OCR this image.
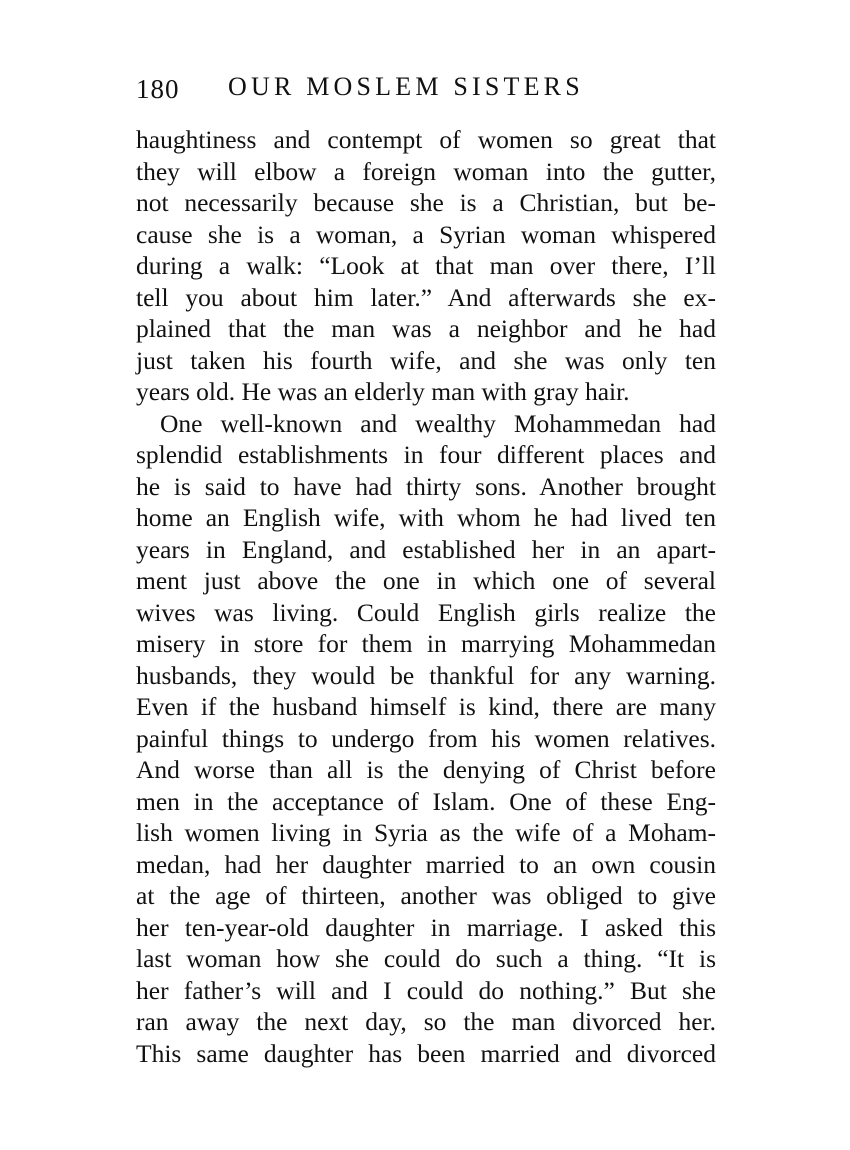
180 OUR MOSLEM SISTERS
haughtiness and contempt of women so great that
they will elbow a foreign woman into the gutter,
not necessarily because she is a Christian, but be-
cause she is a woman, a Syrian woman whispered
during a walk: “Look at that man over there, I’ll
tell you about him later.” And afterwards she ex-
plained that the man was a neighbor and he had
just taken his fourth wife, and she was only ten
years old. He was an elderly man with gray hair.
One well-known and wealthy Mohammedan had
splendid establishments in four different places and
he is said to have had thirty sons. Another brought
home an English wife, with whom he had lived ten
years in England, and established her in an apart-
ment just above the one in which one of several
wives was living. Could English girls realize the
misery in store for them in marrying Mohammedan
husbands, they would be thankful for any warning.
Even if the husband himself is kind, there are many
painful things to undergo from his women relatives.
And worse than all is the denying of Christ before
men in the acceptance of Islam. One of these Eng-
lish women living in Syria as the wife of a Moham-
medan, had her daughter married to an own cousin
at the age of thirteen, another was obliged to give
her ten-year-old daughter in marriage. I asked this
last woman how she could do such a thing. “It is
her father’s will and I could do nothing.” But she
ran away the next day, so the man divorced her.
This same daughter has been married and divorced
